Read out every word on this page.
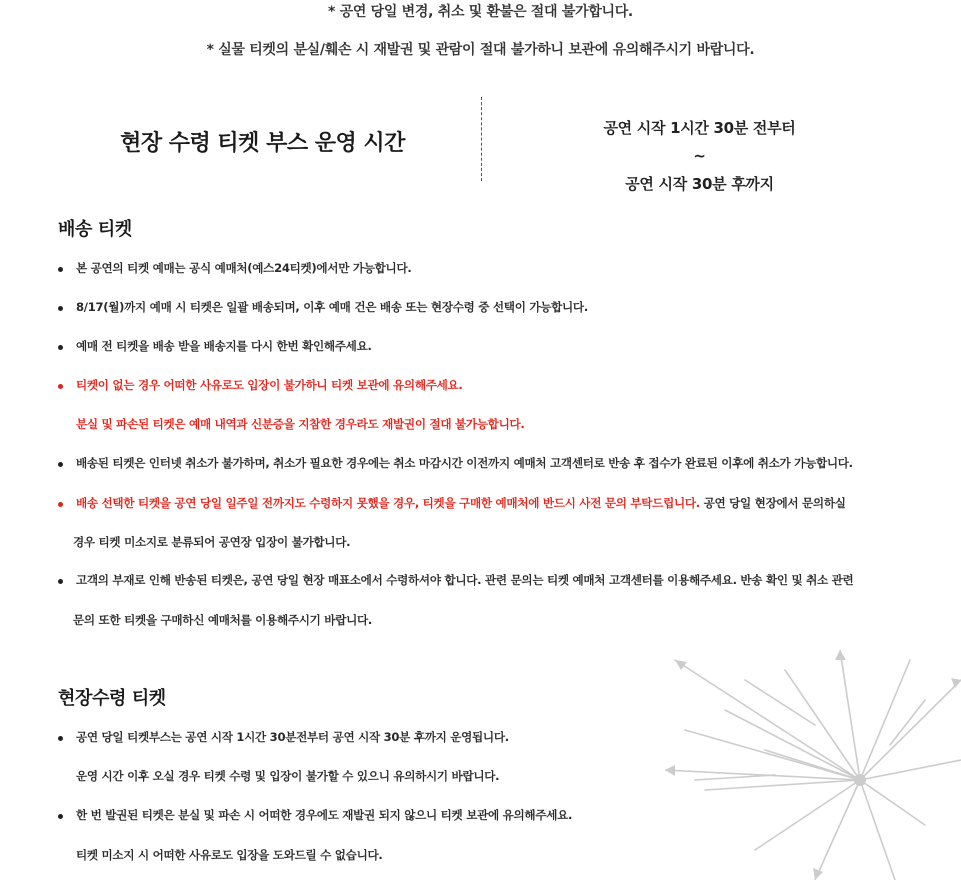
* 공연 당일 변경, 취소 및 환불은 절대 불가합니다.
* 실물 티켓의 분실/훼손 시 재발권 및 관람이 절대 불가하니 보관에 유의해주시기 바랍니다.
현장 수령 티켓 부스 운영 시간
공연 시작 1시간 30분 전부터 ~
공연 시작 30분 후까지
배송 티켓
본 공연의 티켓 예매는 공식 예매처(예스24티켓)에서만 가능합니다.
8/17(월)까지 예매 시 티켓은 일괄 배송되며, 이후 예매 건은 배송 또는 현장수령 중 선택이 가능합니다.
예매 전 티켓을 배송 받을 배송지를 다시 한번 확인해주세요.
티켓이 없는 경우 어떠한 사유로도 입장이 불가하니 티켓 보관에 유의해주세요.
분실 및 파손된 티켓은 예매 내역과 신분증을 지참한 경우라도 재발권이 절대 불가능합니다.
배송된 티켓은 인터넷 취소가 불가하며, 취소가 필요한 경우에는 취소 마감시간 이전까지 예매처 고객센터로 반송 후 접수가 완료된 이후에 취소가 가능합니다.
배송 선택한 티켓을 공연 당일 일주일 전까지도 수령하지 못했을 경우, 티켓을 구매한 예매처에 반드시 사전 문의 부탁드립니다. 공연 당일 현장에서 문의하실
경우 티켓 미소지로 분류되어 공연장 입장이 불가합니다.
고객의 부재로 인해 반송된 티켓은, 공연 당일 현장 매표소에서 수령하셔야 합니다. 관련 문의는 티켓 예매처 고객센터를 이용해주세요. 반송 확인 및 취소 관련
문의 또한 티켓을 구매하신 예매처를 이용해주시기 바랍니다.
현장수령 티켓
공연 당일 티켓부스는 공연 시작 1시간 30분전부터 공연 시작 30분 후까지 운영됩니다.
운영 시간 이후 오실 경우 티켓 수령 및 입장이 불가할 수 있으니 유의하시기 바랍니다.
한 번 발권된 티켓은 분실 및 파손 시 어떠한 경우에도 재발권 되지 않으니 티켓 보관에 유의해주세요.
티켓 미소지 시 어떠한 사유로도 입장을 도와드릴 수 없습니다.
